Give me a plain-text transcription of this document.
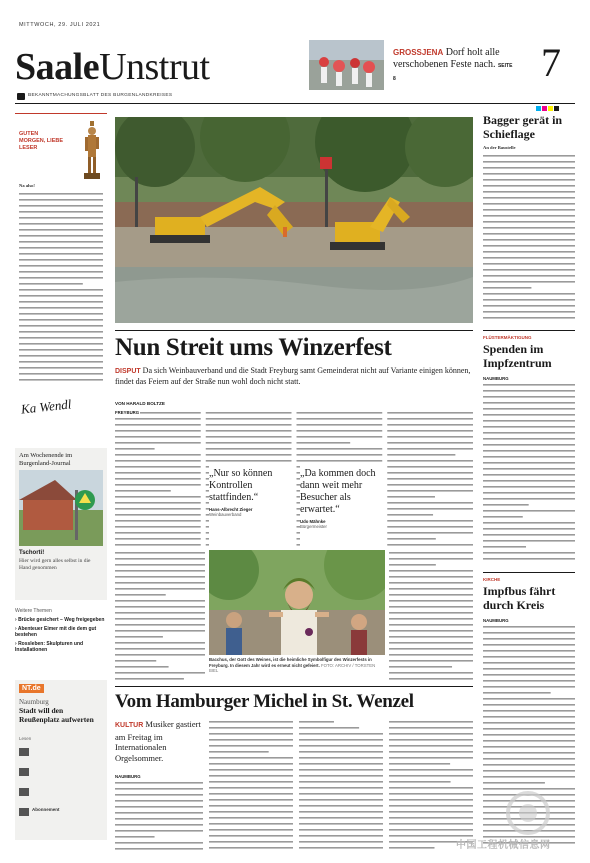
MITTWOCH, 29. JULI 2021
SaaleUnstrut
BEKANNTMACHUNGSBLATT DES BURGENLANDKREISES
GROSSJENA Dorf holt alle verschobenen Feste nach. SEITE 8	7
GUTEN MORGEN, LIEBE LESER
Na also!
Ka Wendl
Am Wochenende im Burgenland-Journal
Tschorti!
Hier wird gern alles selbst in die Hand genommen
Weitere Themen
› Brücke gesichert – Weg freigegeben
› Abenteuer Eimer mit die dem gut bestehen
› Rossleben: Skulpturen und Installationen
NT.de
Naumburg
Stadt will den Reußenplatz aufwerten
Lesen
Abonnement
Bagger gerät in Schieflage
An der Baustelle
Nun Streit ums Winzerfest
DISPUT Da sich Weinbauverband und die Stadt Freyburg samt Gemeinderat nicht auf Variante einigen können, findet das Feiern auf der Straße nun wohl doch nicht statt.
VON HARALD BOLTZE
FREYBURG
„Nur so können Kontrollen stattfinden.“
Hans-Albrecht Zieger
Weinbauverband
„Da kommen doch dann weit mehr Besucher als erwartet.“
Udo Mähnke
Bürgermeister
Bacchus, der Gott des Weines, ist die heimliche Symbolfigur des Winzerfests in Freyburg. In diesem Jahr wird es erneut nicht gefeiert. FOTO: ARCHIV / TORSTEN BIEL
FLÜSTERMÄKTIGUNG
Spenden im Impfzentrum
NAUMBURG
KIRCHE
Impfbus fährt durch Kreis
NAUMBURG
Vom Hamburger Michel in St. Wenzel
KULTUR Musiker gastiert am Freitag im Internationalen Orgelsommer.
NAUMBURG
中国工程机械信息网
